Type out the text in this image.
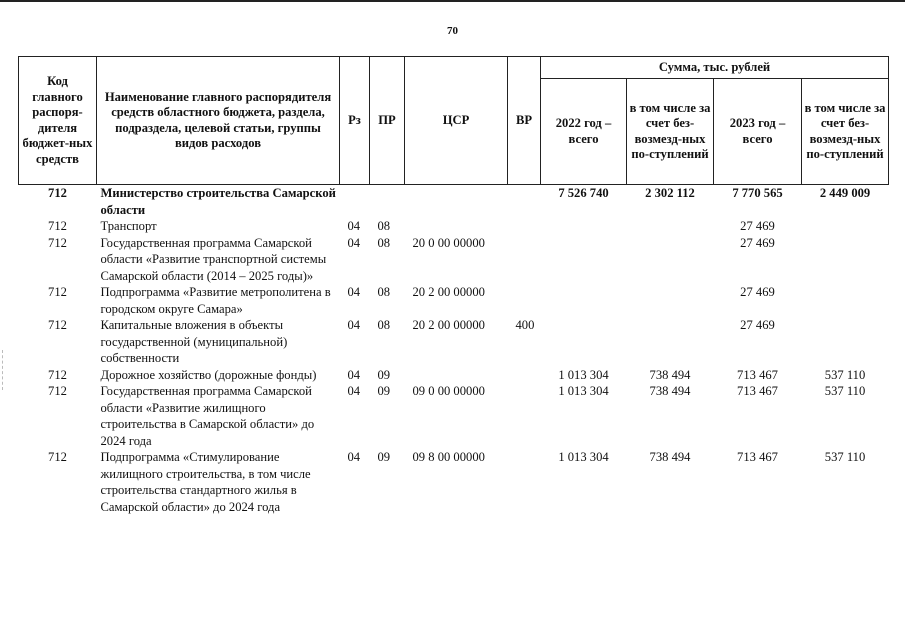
70
Код главного распоря-дителя бюджет-ных средств	Наименование главного распорядителя средств областного бюджета, раздела, подраздела, целевой статьи, группы видов расходов	Рз	ПР	ЦСР	ВР	Сумма, тыс. рублей			
						2022 год – всего	в том числе за счет без-возмезд-ных по-ступлений	2023 год – всего	в том числе за счет без-возмезд-ных по-ступлений
712	Министерство строительства Самарской области					7 526 740	2 302 112	7 770 565	2 449 009
712	Транспорт	04	08					27 469	
712	Государственная программа Самарской области «Развитие транспортной системы Самарской области (2014 – 2025 годы)»	04	08	20 0 00 00000				27 469	
712	Подпрограмма «Развитие метрополитена в городском округе Самара»	04	08	20 2 00 00000				27 469	
712	Капитальные вложения в объекты государственной (муниципальной) собственности	04	08	20 2 00 00000	400			27 469	
712	Дорожное хозяйство (дорожные фонды)	04	09			1 013 304	738 494	713 467	537 110
712	Государственная программа Самарской области «Развитие жилищного строительства в Самарской области» до 2024 года	04	09	09 0 00 00000		1 013 304	738 494	713 467	537 110
712	Подпрограмма «Стимулирование жилищного строительства, в том числе строительства стандартного жилья в Самарской области» до 2024 года	04	09	09 8 00 00000		1 013 304	738 494	713 467	537 110
